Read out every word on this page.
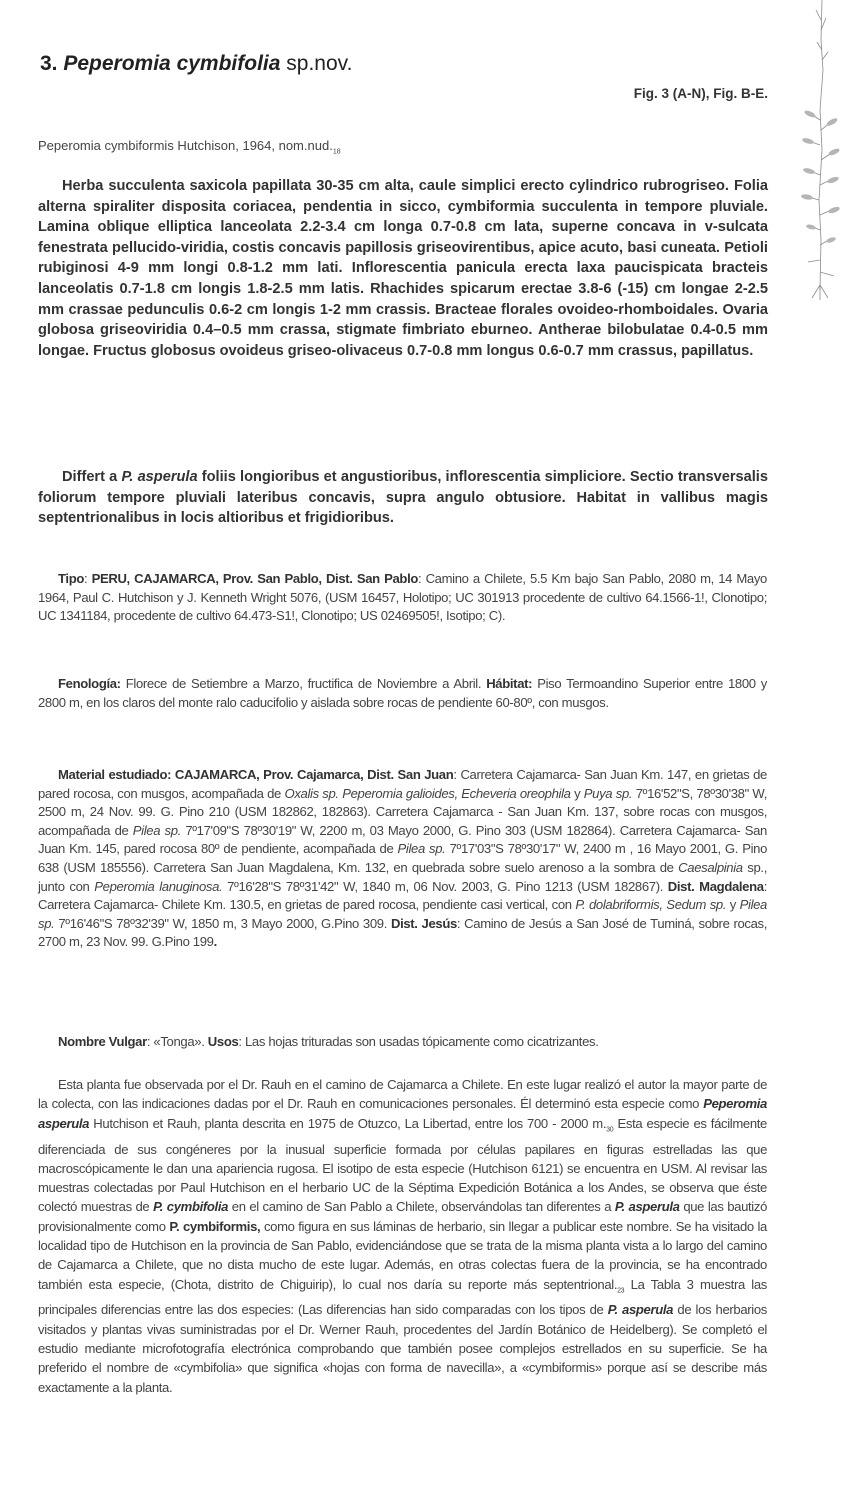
3. Peperomia cymbifolia sp.nov.
Fig. 3 (A-N), Fig. B-E.
Peperomia cymbiformis Hutchison, 1964, $nom.nud._{18}$

Herba succulenta saxicola papillata 30-35 cm alta, caule simplici erecto cylindrico rubrogriseo. Folia alterna spiraliter disposita coriacea, pendentia in sicco, cymbiformia succulenta in tempore pluviale. Lamina oblique elliptica lanceolata 2.2-3.4 cm longa 0.7-0.8 cm lata, superne concava in v-sulcata fenestrata pellucido-viridia, costis concavis papillosis griseovirentibus, apice acuto, basi cuneata. Petioli rubiginosi 4-9 mm longi 0.8-1.2 mm lati. Inflorescentia panicula erecta laxa paucispicata bracteis lanceolatis 0.7-1.8 cm longis 1.8-2.5 mm latis. Rhachides spicarum erectae 3.8-6 (-15) cm longae 2-2.5 mm crassae pedunculis 0.6-2 cm longis 1-2 mm crassis. Bracteae florales ovoideo-rhomboidales. Ovaria globosa griseoviridia 0.4–0.5 mm crassa, stigmate fimbriato eburneo. Antherae bilobulatae 0.4-0.5 mm longae. Fructus globosus ovoideus griseo-olivaceus 0.7-0.8 mm longus 0.6-0.7 mm crassus, papillatus.

Differt a P. asperula foliis longioribus et angustioribus, inflorescentia simpliciore. Sectio transversalis foliorum tempore pluviali lateribus concavis, supra angulo obtusiore. Habitat in vallibus magis septentrionalibus in locis altioribus et frigidioribus.

Tipo: PERU, CAJAMARCA, Prov. San Pablo, Dist. San Pablo: Camino a Chilete, 5.5 Km bajo San Pablo, 2080 m, 14 Mayo 1964, Paul C. Hutchison y J. Kenneth Wright 5076, (USM 16457, Holotipo; UC 301913 procedente de cultivo 64.1566-1!, Clonotipo; UC 1341184, procedente de cultivo 64.473-S1!, Clonotipo; US 02469505!, Isotipo; C).

Fenología: Florece de Setiembre a Marzo, fructifica de Noviembre a Abril. Hábitat: Piso Termoandino Superior entre 1800 y 2800 m, en los claros del monte ralo caducifolio y aislada sobre rocas de pendiente 60-80º, con musgos.

Material estudiado: CAJAMARCA, Prov. Cajamarca, Dist. San Juan: Carretera Cajamarca- San Juan Km. 147, en grietas de pared rocosa, con musgos, acompañada de Oxalis sp. Peperomia galioides, Echeveria oreophila y Puya sp. 7º16'52"S, 78º30'38" W, 2500 m, 24 Nov. 99. G. Pino 210 (USM 182862, 182863). Carretera Cajamarca - San Juan Km. 137, sobre rocas con musgos, acompañada de Pilea sp. 7º17'09"S 78º30'19" W, 2200 m, 03 Mayo 2000, G. Pino 303 (USM 182864). Carretera Cajamarca- San Juan Km. 145, pared rocosa 80º de pendiente, acompañada de Pilea sp. 7º17'03"S 78º30'17" W, 2400 m , 16 Mayo 2001, G. Pino 638 (USM 185556). Carretera San Juan Magdalena, Km. 132, en quebrada sobre suelo arenoso a la sombra de Caesalpinia sp., junto con Peperomia lanuginosa. 7º16'28"S 78º31'42" W, 1840 m, 06 Nov. 2003, G. Pino 1213 (USM 182867). Dist. Magdalena: Carretera Cajamarca- Chilete Km. 130.5, en grietas de pared rocosa, pendiente casi vertical, con P. dolabriformis, Sedum sp. y Pilea sp. 7º16'46"S 78º32'39" W, 1850 m, 3 Mayo 2000, G.Pino 309. Dist. Jesús: Camino de Jesús a San José de Tuminá, sobre rocas, 2700 m, 23 Nov. 99. G.Pino 199.

Nombre Vulgar: «Tonga». Usos: Las hojas trituradas son usadas tópicamente como cicatrizantes.

Esta planta fue observada por el Dr. Rauh en el camino de Cajamarca a Chilete. En este lugar realizó el autor la mayor parte de la colecta, con las indicaciones dadas por el Dr. Rauh en comunicaciones personales. Él determinó esta especie como Peperomia asperula Hutchison et Rauh, planta descrita en 1975 de Otuzco, La Libertad, entre los 700 - 2000 $m._{30}$ Esta especie es fácilmente diferenciada de sus congéneres por la inusual superficie formada por células papilares en figuras estrelladas las que macroscópicamente le dan una apariencia rugosa. El isotipo de esta especie (Hutchison 6121) se encuentra en USM. Al revisar las muestras colectadas por Paul Hutchison en el herbario UC de la Séptima Expedición Botánica a los Andes, se observa que éste colectó muestras de P. cymbifolia en el camino de San Pablo a Chilete, observándolas tan diferentes a P. asperula que las bautizó provisionalmente como P. cymbiformis, como figura en sus láminas de herbario, sin llegar a publicar este nombre. Se ha visitado la localidad tipo de Hutchison en la provincia de San Pablo, evidenciándose que se trata de la misma planta vista a lo largo del camino de Cajamarca a Chilete, que no dista mucho de este lugar. Además, en otras colectas fuera de la provincia, se ha encontrado también esta especie, (Chota, distrito de Chiguirip), lo cual nos daría su reporte más $septentrional._{23}$ La Tabla 3 muestra las principales diferencias entre las dos especies: (Las diferencias han sido comparadas con los tipos de P. asperula de los herbarios visitados y plantas vivas suministradas por el Dr. Werner Rauh, procedentes del Jardín Botánico de Heidelberg). Se completó el estudio mediante microfotografía electrónica comprobando que también posee complejos estrellados en su superficie. Se ha preferido el nombre de «cymbifolia» que significa «hojas con forma de navecilla», a «cymbiformis» porque así se describe más exactamente a la planta.
